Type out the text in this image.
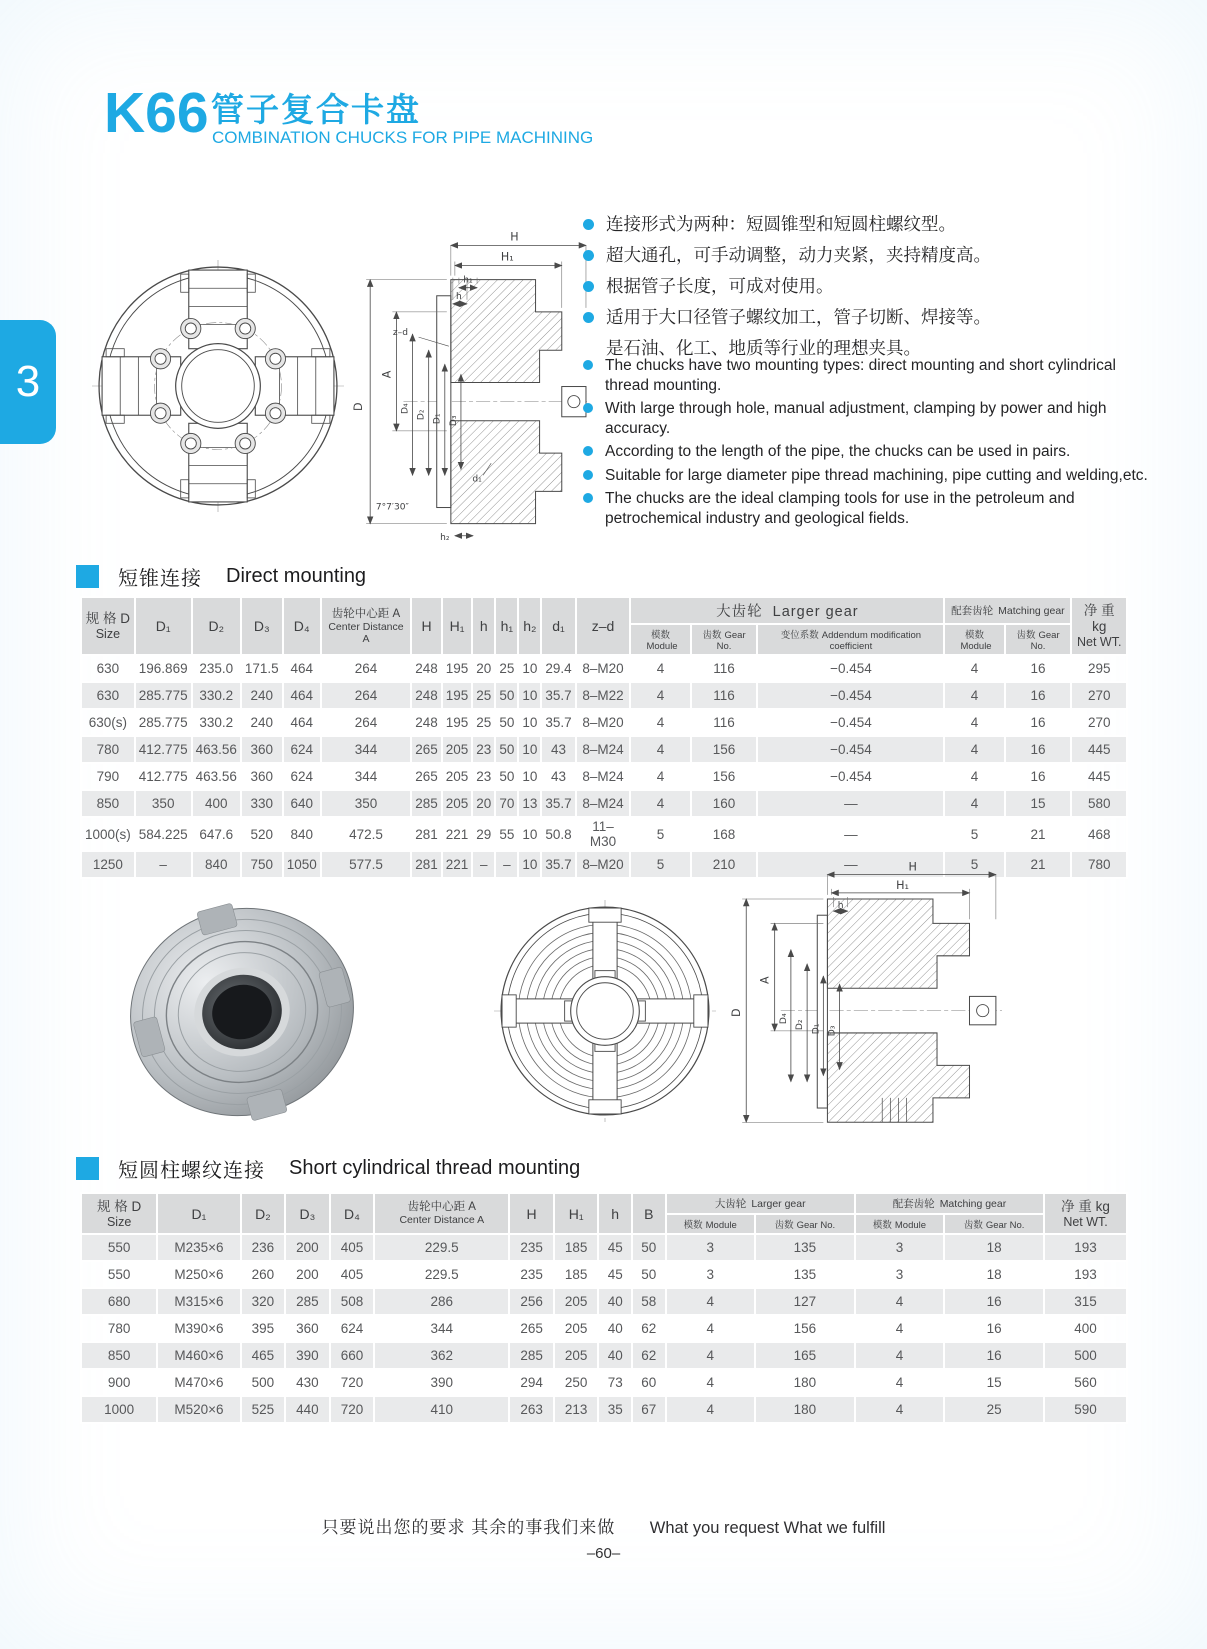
K66 管子复合卡盘
COMBINATION CHUCKS FOR PIPE MACHINING
3
H
H₁
h₁
h
D
A
D₄
D₂ D₁ D₃
z–d
d₁
7°7′30″
h₂
连接形式为两种：短圆锥型和短圆柱螺纹型。
超大通孔，可手动调整，动力夹紧，夹持精度高。
根据管子长度，可成对使用。
适用于大口径管子螺纹加工，管子切断、焊接等。
是石油、化工、地质等行业的理想夹具。
The chucks have two mounting types: direct mounting and short cylindrical thread mounting.
With large through hole, manual adjustment, clamping by power and high accuracy.
According to the length of the pipe, the chucks can be used in pairs.
Suitable for large diameter pipe thread machining, pipe cutting and welding,etc.
The chucks are the ideal clamping tools for use in the petroleum and petrochemical industry and geological fields.
短锥连接 Direct mounting
规 格 D
Size	D₁	D₂	D₃	D₄	齿轮中心距 A
Center Distance A	H	H₁	h	h₁	h₂	d₁	z–d	大齿轮 Larger gear			配套齿轮 Matching gear		净 重 kg
Net WT.

													模数Module	齿数 Gear No.	变位系数 Addendum modification coefficient	模数Module	齿数 Gear No.	
630	196.869	235.0	171.5	464	264	248	195	20	25	10	29.4	8–M20	4	116	−0.454	4	16	295
630	285.775	330.2	240	464	264	248	195	25	50	10	35.7	8–M22	4	116	−0.454	4	16	270
630(s)	285.775	330.2	240	464	264	248	195	25	50	10	35.7	8–M20	4	116	−0.454	4	16	270
780	412.775	463.56	360	624	344	265	205	23	50	10	43	8–M24	4	156	−0.454	4	16	445
790	412.775	463.56	360	624	344	265	205	23	50	10	43	8–M24	4	156	−0.454	4	16	445
850	350	400	330	640	350	285	205	20	70	13	35.7	8–M24	4	160	—	4	15	580
1000(s)	584.225	647.6	520	840	472.5	281	221	29	55	10	50.8	11–M30	5	168	—	5	21	468
1250	–	840	750	1050	577.5	281	221	–	–	10	35.7	8–M20	5	210	—	5	21	780
H
H₁
h
D
A
D₄
D₂ D₁ D₃
短圆柱螺纹连接 Short cylindrical thread mounting
规 格 D
Size	D₁	D₂	D₃	D₄	齿轮中心距 A
Center Distance A	H	H₁	h	B	大齿轮 Larger gear		配套齿轮 Matching gear		净 重 kg
Net WT.

										模数 Module	齿数 Gear No.	模数 Module	齿数 Gear No.	
550	M235×6	236	200	405	229.5	235	185	45	50	3	135	3	18	193
550	M250×6	260	200	405	229.5	235	185	45	50	3	135	3	18	193
680	M315×6	320	285	508	286	256	205	40	58	4	127	4	16	315
780	M390×6	395	360	624	344	265	205	40	62	4	156	4	16	400
850	M460×6	465	390	660	362	285	205	40	62	4	165	4	16	500
900	M470×6	500	430	720	390	294	250	73	60	4	180	4	15	560
1000	M520×6	525	440	720	410	263	213	35	67	4	180	4	25	590
只要说出您的要求 其余的事我们来做 What you request What we fulfill
–60–
